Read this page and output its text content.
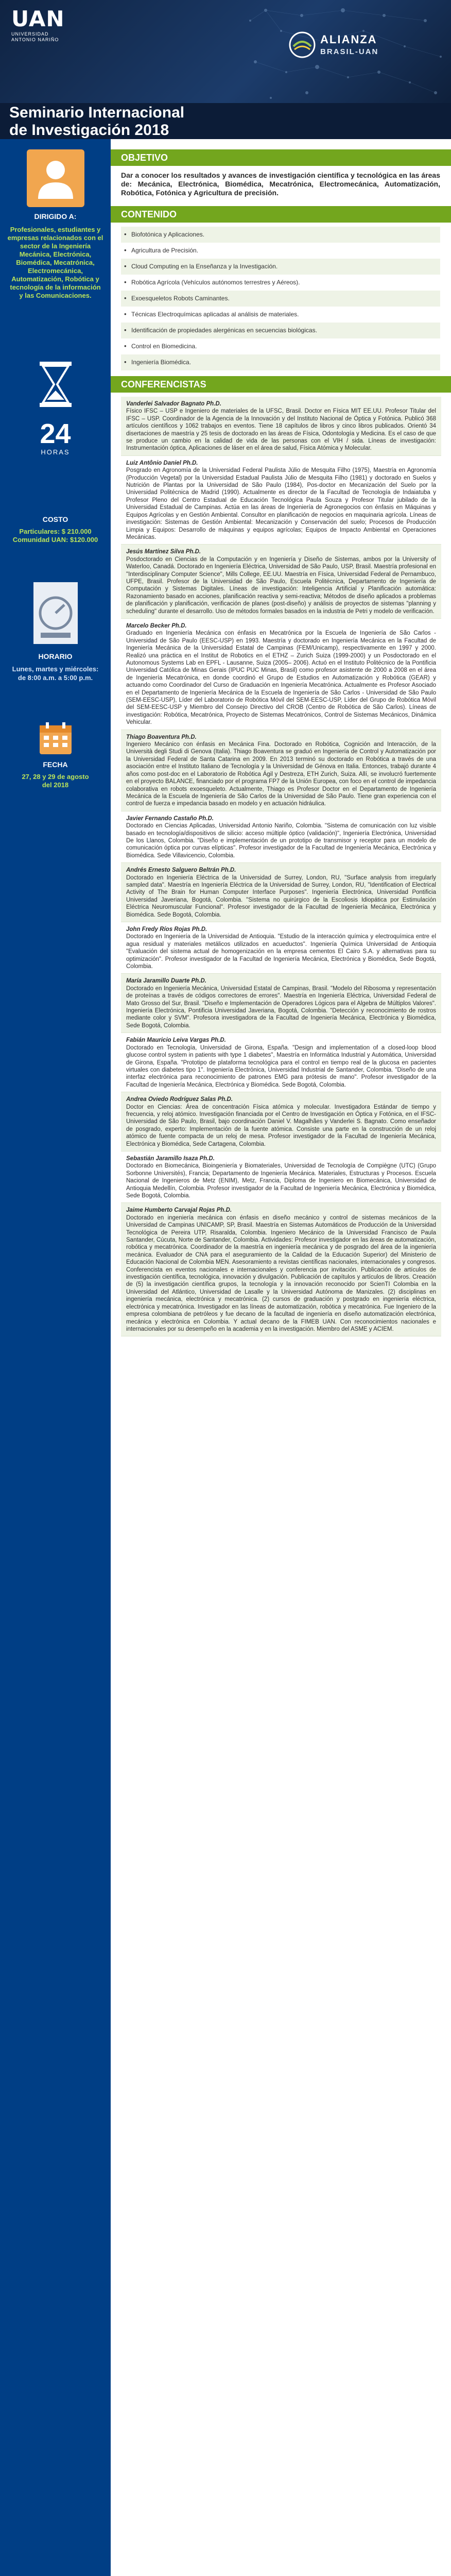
UAN
UNIVERSIDAD
ANTONIO NARIÑO	ALIANZA
BRASIL-UAN
Seminario Internacional
de Investigación 2018
DIRIGIDO A:
Profesionales, estudiantes y empresas relacionados con el sector de la Ingeniería Mecánica, Electrónica, Biomédica, Mecatrónica, Electromecánica, Automatización, Robótica y tecnología de la información y las Comunicaciones.
24
HORAS
COSTO
Particulares: $ 210.000
Comunidad UAN: $120.000
HORARIO
Lunes, martes y miércoles:
de 8:00 a.m. a 5:00 p.m.
FECHA
27, 28 y 29 de agosto
del 2018
OBJETIVO
Dar a conocer los resultados y avances de investigación científica y tecnológica en las áreas de: Mecánica, Electrónica, Biomédica, Mecatrónica, Electromecánica, Automatización, Robótica, Fotónica y Agricultura de precisión.
CONTENIDO
• Biofotónica y Aplicaciones.
• Agricultura de Precisión.
• Cloud Computing en la Enseñanza y la Investigación.
• Robótica Agrícola (Vehículos autónomos terrestres y Aéreos).
• Exoesqueletos Robots Caminantes.
• Técnicas Electroquímicas aplicadas al análisis de materiales.
• Identificación de propiedades alergénicas en secuencias biológicas.
• Control en Biomedicina.
• Ingeniería Biomédica.
CONFERENCISTAS
Vanderlei Salvador Bagnato Ph.D.
Físico IFSC – USP e Ingeniero de materiales de la UFSC, Brasil. Doctor en Física MIT EE.UU. Profesor Titular del IFSC – USP. Coordinador de la Agencia de la Innovación y del Instituto Nacional de Óptica y Fotónica. Publicó 368 artículos científicos y 1062 trabajos en eventos. Tiene 18 capítulos de libros y cinco libros publicados. Orientó 34 disertaciones de maestría y 25 tesis de doctorado en las áreas de Física, Odontología y Medicina. Es el caso de que se produce un cambio en la calidad de vida de las personas con el VIH / sida. Líneas de investigación: Instrumentación óptica, Aplicaciones de láser en el área de salud, Física Atómica y Molecular.
Luiz Antônio Daniel Ph.D.
Posgrado en Agronomía de la Universidad Federal Paulista Júlio de Mesquita Filho (1975), Maestría en Agronomía (Producción Vegetal) por la Universidad Estadual Paulista Júlio de Mesquita Filho (1981) y doctorado en Suelos y Nutrición de Plantas por la Universidad de São Paulo (1984), Pos-doctor en Mecanización del Suelo por la Universidad Politécnica de Madrid (1990). Actualmente es director de la Facultad de Tecnología de Indaiatuba y Profesor Pleno del Centro Estadual de Educación Tecnológica Paula Souza y Profesor Titular jubilado de la Universidad Estadual de Campinas. Actúa en las áreas de Ingeniería de Agronegocios con énfasis en Máquinas y Equipos Agrícolas y en Gestión Ambiental. Consultor en planificación de negocios en maquinaria agrícola. Líneas de investigación: Sistemas de Gestión Ambiental: Mecanización y Conservación del suelo; Procesos de Producción Limpia y Equipos: Desarrollo de máquinas y equipos agrícolas; Equipos de Impacto Ambiental en Operaciones Mecánicas.
Jesús Martínez Silva Ph.D.
Posdoctorado en Ciencias de la Computación y en Ingeniería y Diseño de Sistemas, ambos por la University of Waterloo, Canadá. Doctorado en Ingeniería Eléctrica, Universidad de São Paulo, USP, Brasil. Maestría profesional en "Interdisciplinary Computer Science", Mills College, EE.UU. Maestría en Física, Universidad Federal de Pernambuco, UFPE, Brasil. Profesor de la Universidad de São Paulo, Escuela Politécnica, Departamento de Ingeniería de Computación y Sistemas Digitales. Líneas de investigación: Inteligencia Artificial y Planificación automática: Razonamiento basado en acciones, planificación reactiva y semi-reactiva; Métodos de diseño aplicados a problemas de planificación y planificación, verificación de planes (post-diseño) y análisis de proyectos de sistemas "planning y scheduling" durante el desarrollo. Uso de métodos formales basados en la industria de Petri y modelo de verificación.
Marcelo Becker Ph.D.
Graduado en Ingeniería Mecánica con énfasis en Mecatrónica por la Escuela de Ingeniería de São Carlos - Universidad de São Paulo (EESC-USP) en 1993. Maestría y doctorado en Ingeniería Mecánica en la Facultad de Ingeniería Mecánica de la Universidad Estatal de Campinas (FEM/Unicamp), respectivamente en 1997 y 2000. Realizó una práctica en el Institut de Robotics en el ETHZ – Zurich Suiza (1999-2000) y un Posdoctorado en el Autonomous Systems Lab en EPFL - Lausanne, Suiza (2005– 2006). Actuó en el Instituto Politécnico de la Pontificia Universidad Católica de Minas Gerais (IPUC PUC Minas, Brasil) como profesor asistente de 2000 a 2008 en el área de Ingeniería Mecatrónica, en donde coordinó el Grupo de Estudios en Automatización y Robótica (GEAR) y actuando como Coordinador del Curso de Graduación en Ingeniería Mecatrónica. Actualmente es Profesor Asociado en el Departamento de Ingeniería Mecánica de la Escuela de Ingeniería de São Carlos - Universidad de São Paulo (SEM-EESC-USP), Líder del Laboratorio de Robótica Móvil del SEM-EESC-USP, Líder del Grupo de Robótica Móvil del SEM-EESC-USP y Miembro del Consejo Directivo del CROB (Centro de Robótica de São Carlos). Líneas de investigación: Robótica, Mecatrónica, Proyecto de Sistemas Mecatrónicos, Control de Sistemas Mecánicos, Dinámica Vehicular.
Thiago Boaventura Ph.D.
Ingeniero Mecánico con énfasis en Mecánica Fina. Doctorado en Robótica, Cognición and Interacción, de la Università degli Studi di Genova (Italia). Thiago Boaventura se graduó en Ingeniería de Control y Automatización por la Universidad Federal de Santa Catarina en 2009. En 2013 terminó su doctorado en Robótica a través de una asociación entre el Instituto Italiano de Tecnología y la Universidad de Génova en Italia. Entonces, trabajó durante 4 años como post-doc en el Laboratorio de Robótica Ágil y Destreza, ETH Zurich, Suiza. Allí, se involucró fuertemente en el proyecto BALANCE, financiado por el programa FP7 de la Unión Europea, con foco en el control de impedancia colaborativa en robots exoesqueleto. Actualmente, Thiago es Profesor Doctor en el Departamento de Ingeniería Mecánica de la Escuela de Ingeniería de São Carlos de la Universidad de São Paulo. Tiene gran experiencia con el control de fuerza e impedancia basado en modelo y en actuación hidráulica.
Javier Fernando Castaño Ph.D.
Doctorado en Ciencias Aplicadas, Universidad Antonio Nariño, Colombia. "Sistema de comunicación con luz visible basado en tecnología/dispositivos de silicio: acceso múltiple óptico (validación)", Ingeniería Electrónica, Universidad De los Llanos, Colombia. "Diseño e implementación de un prototipo de transmisor y receptor para un modelo de comunicación óptica por curvas elípticas". Profesor investigador de la Facultad de Ingeniería Mecánica, Electrónica y Biomédica. Sede Villavicencio, Colombia.
Andrés Ernesto Salguero Beltrán Ph.D.
Doctorado en Ingeniería Eléctrica de la Universidad de Surrey, London, RU, "Surface analysis from irregularly sampled data". Maestría en Ingeniería Eléctrica de la Universidad de Surrey, London, RU, "Identification of Electrical Activity of The Brain for Human Computer Interface Purposes". Ingeniería Electrónica, Universidad Pontificia Universidad Javeriana, Bogotá, Colombia. "Sistema no quirúrgico de la Escoliosis Idiopática por Estimulación Eléctrica Neuromuscular Funcional". Profesor investigador de la Facultad de Ingeniería Mecánica, Electrónica y Biomédica. Sede Bogotá, Colombia.
John Fredy Ríos Rojas Ph.D.
Doctorado en Ingeniería de la Universidad de Antioquia. "Estudio de la interacción química y electroquímica entre el agua residual y materiales metálicos utilizados en acueductos". Ingeniería Química Universidad de Antioquia "Evaluación del sistema actual de homogenización en la empresa cementos El Cairo S.A. y alternativas para su optimización". Profesor investigador de la Facultad de Ingeniería Mecánica, Electrónica y Biomédica, Sede Bogotá, Colombia.
María Jaramillo Duarte Ph.D.
Doctorado en Ingeniería Mecánica, Universidad Estatal de Campinas, Brasil. "Modelo del Ribosoma y representación de proteínas a través de códigos correctores de errores". Maestría en Ingeniería Eléctrica, Universidad Federal de Mato Grosso del Sur, Brasil. "Diseño e Implementación de Operadores Lógicos para el Algebra de Múltiplos Valores". Ingeniería Electrónica, Pontificia Universidad Javeriana, Bogotá, Colombia. "Detección y reconocimiento de rostros mediante color y SVM". Profesora investigadora de la Facultad de Ingeniería Mecánica, Electrónica y Biomédica, Sede Bogotá, Colombia.
Fabián Mauricio Leiva Vargas Ph.D.
Doctorado en Tecnología, Universidad de Girona, España. "Design and implementation of a closed-loop blood glucose control system in patients with type 1 diabetes", Maestría en Informática Industrial y Automática, Universidad de Girona, España. "Prototipo de plataforma tecnológica para el control en tiempo real de la glucosa en pacientes virtuales con diabetes tipo 1". Ingeniería Electrónica, Universidad Industrial de Santander, Colombia. "Diseño de una interfaz electrónica para reconocimiento de patrones EMG para prótesis de mano". Profesor investigador de la Facultad de Ingeniería Mecánica, Electrónica y Biomédica. Sede Bogotá, Colombia.
Andrea Oviedo Rodríguez Salas Ph.D.
Doctor en Ciencias: Área de concentración Física atómica y molecular. Investigadora Estándar de tiempo y frecuencia, y reloj atómico. Investigación financiada por el Centro de Investigación en Óptica y Fotónica, en el IFSC-Universidad de São Paulo, Brasil, bajo coordinación Daniel V. Magalhães y Vanderlei S. Bagnato. Como enseñador de posgrado, experto: Implementación de la fuente atómica. Consiste una parte en la construcción de un reloj atómico de fuente compacta de un reloj de mesa. Profesor investigador de la Facultad de Ingeniería Mecánica, Electrónica y Biomédica, Sede Cartagena, Colombia.
Sebastián Jaramillo Isaza Ph.D.
Doctorado en Biomecánica, Bioingeniería y Biomateriales, Universidad de Tecnología de Compiègne (UTC) (Grupo Sorbonne Universités), Francia; Departamento de Ingeniería Mecánica. Materiales, Estructuras y Procesos. Escuela Nacional de Ingenieros de Metz (ENIM), Metz, Francia, Diploma de Ingeniero en Biomecánica, Universidad de Antioquia Medellín, Colombia. Profesor investigador de la Facultad de Ingeniería Mecánica, Electrónica y Biomédica, Sede Bogotá, Colombia.
Jaime Humberto Carvajal Rojas Ph.D.
Doctorado en ingeniería mecánica con énfasis en diseño mecánico y control de sistemas mecánicos de la Universidad de Campinas UNICAMP, SP, Brasil. Maestría en Sistemas Automáticos de Producción de la Universidad Tecnológica de Pereira UTP, Risaralda, Colombia. Ingeniero Mecánico de la Universidad Francisco de Paula Santander, Cúcuta, Norte de Santander, Colombia. Actividades: Profesor investigador en las áreas de automatización, robótica y mecatrónica. Coordinador de la maestría en ingeniería mecánica y de posgrado del área de la ingeniería mecánica. Evaluador de CNA para el aseguramiento de la Calidad de la Educación Superior) del Ministerio de Educación Nacional de Colombia MEN. Asesoramiento a revistas científicas nacionales, internacionales y congresos. Conferencista en eventos nacionales e internacionales y conferencia por invitación. Publicación de artículos de investigación científica, tecnológica, innovación y divulgación. Publicación de capítulos y artículos de libros. Creación de (5) la investigación científica grupos, la tecnología y la innovación reconocido por ScienTI Colombia en la Universidad del Atlántico, Universidad de Lasalle y la Universidad Autónoma de Manizales. (2) disciplinas en ingeniería mecánica, electrónica y mecatrónica. (2) cursos de graduación y postgrado en ingeniería eléctrica, electrónica y mecatrónica. Investigador en las líneas de automatización, robótica y mecatrónica. Fue Ingeniero de la empresa colombiana de petróleos y fue decano de la facultad de ingeniería en diseño automatización electrónica, mecánica y electrónica en Colombia. Y actual decano de la FIMEB UAN. Con reconocimientos nacionales e internacionales por su desempeño en la academia y en la investigación. Miembro del ASME y ACIEM.
